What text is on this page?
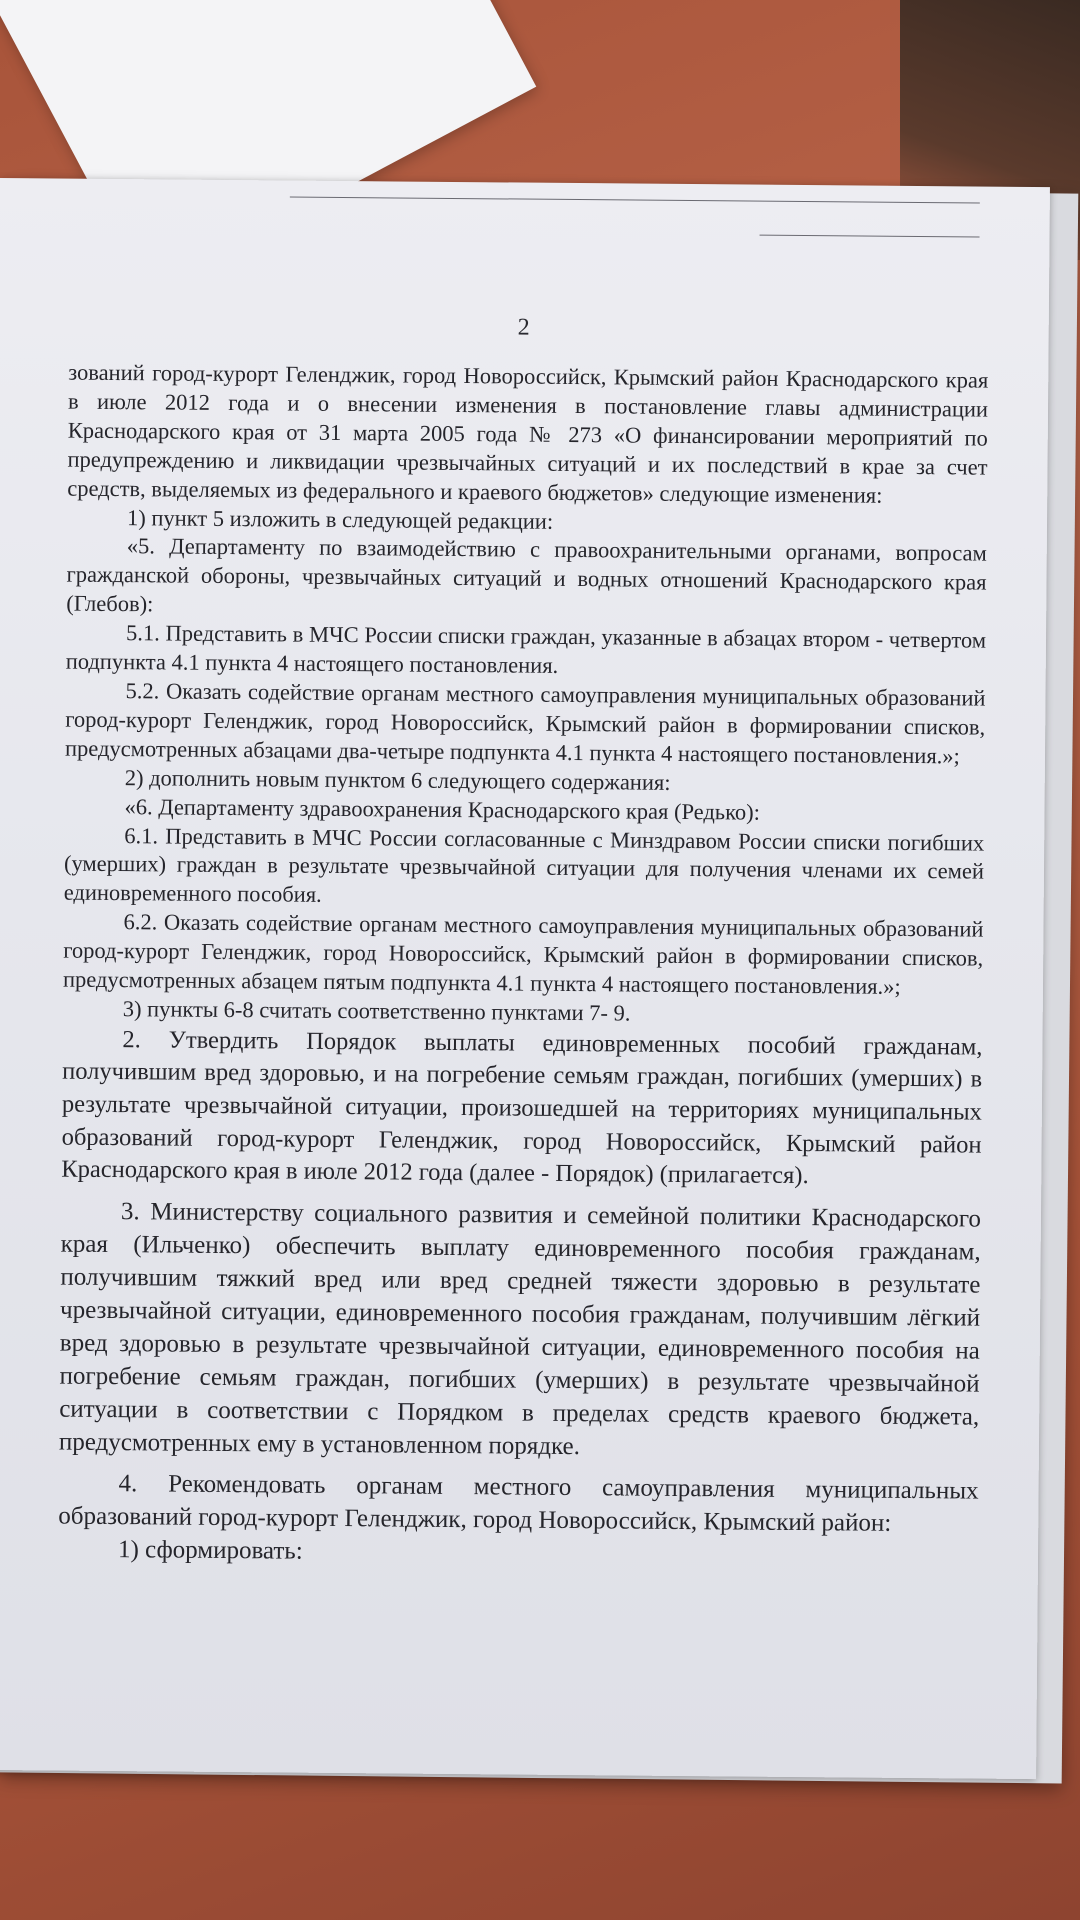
2

зований город-курорт Геленджик, город Новороссийск, Крымский район Краснодарского края в июле 2012 года и о внесении изменения в постановление главы администрации Краснодарского края от 31 марта 2005 года № 273 «О финансировании мероприятий по предупреждению и ликвидации чрезвычайных ситуаций и их последствий в крае за счет средств, выделяемых из федерального и краевого бюджетов» следующие изменения:

1) пункт 5 изложить в следующей редакции:

«5. Департаменту по взаимодействию с правоохранительными органами, вопросам гражданской обороны, чрезвычайных ситуаций и водных отношений Краснодарского края (Глебов):

5.1. Представить в МЧС России списки граждан, указанные в абзацах втором - четвертом подпункта 4.1 пункта 4 настоящего постановления.

5.2. Оказать содействие органам местного самоуправления муниципальных образований город-курорт Геленджик, город Новороссийск, Крымский район в формировании списков, предусмотренных абзацами два-четыре подпункта 4.1 пункта 4 настоящего постановления.»;

2) дополнить новым пунктом 6 следующего содержания:

«6. Департаменту здравоохранения Краснодарского края (Редько):

6.1. Представить в МЧС России согласованные с Минздравом России списки погибших (умерших) граждан в результате чрезвычайной ситуации для получения членами их семей единовременного пособия.

6.2. Оказать содействие органам местного самоуправления муниципальных образований город-курорт Геленджик, город Новороссийск, Крымский район в формировании списков, предусмотренных абзацем пятым подпункта 4.1 пункта 4 настоящего постановления.»;

3) пункты 6-8 считать соответственно пунктами 7- 9.

2. Утвердить Порядок выплаты единовременных пособий гражданам, получившим вред здоровью, и на погребение семьям граждан, погибших (умерших) в результате чрезвычайной ситуации, произошедшей на территориях муниципальных образований город-курорт Геленджик, город Новороссийск, Крымский район Краснодарского края в июле 2012 года (далее - Порядок) (прилагается).

3. Министерству социального развития и семейной политики Краснодарского края (Ильченко) обеспечить выплату единовременного пособия гражданам, получившим тяжкий вред или вред средней тяжести здоровью в результате чрезвычайной ситуации, единовременного пособия гражданам, получившим лёгкий вред здоровью в результате чрезвычайной ситуации, единовременного пособия на погребение семьям граждан, погибших (умерших) в результате чрезвычайной ситуации в соответствии с Порядком в пределах средств краевого бюджета, предусмотренных ему в установленном порядке.

4. Рекомендовать органам местного самоуправления муниципальных образований город-курорт Геленджик, город Новороссийск, Крымский район:

1) сформировать:
